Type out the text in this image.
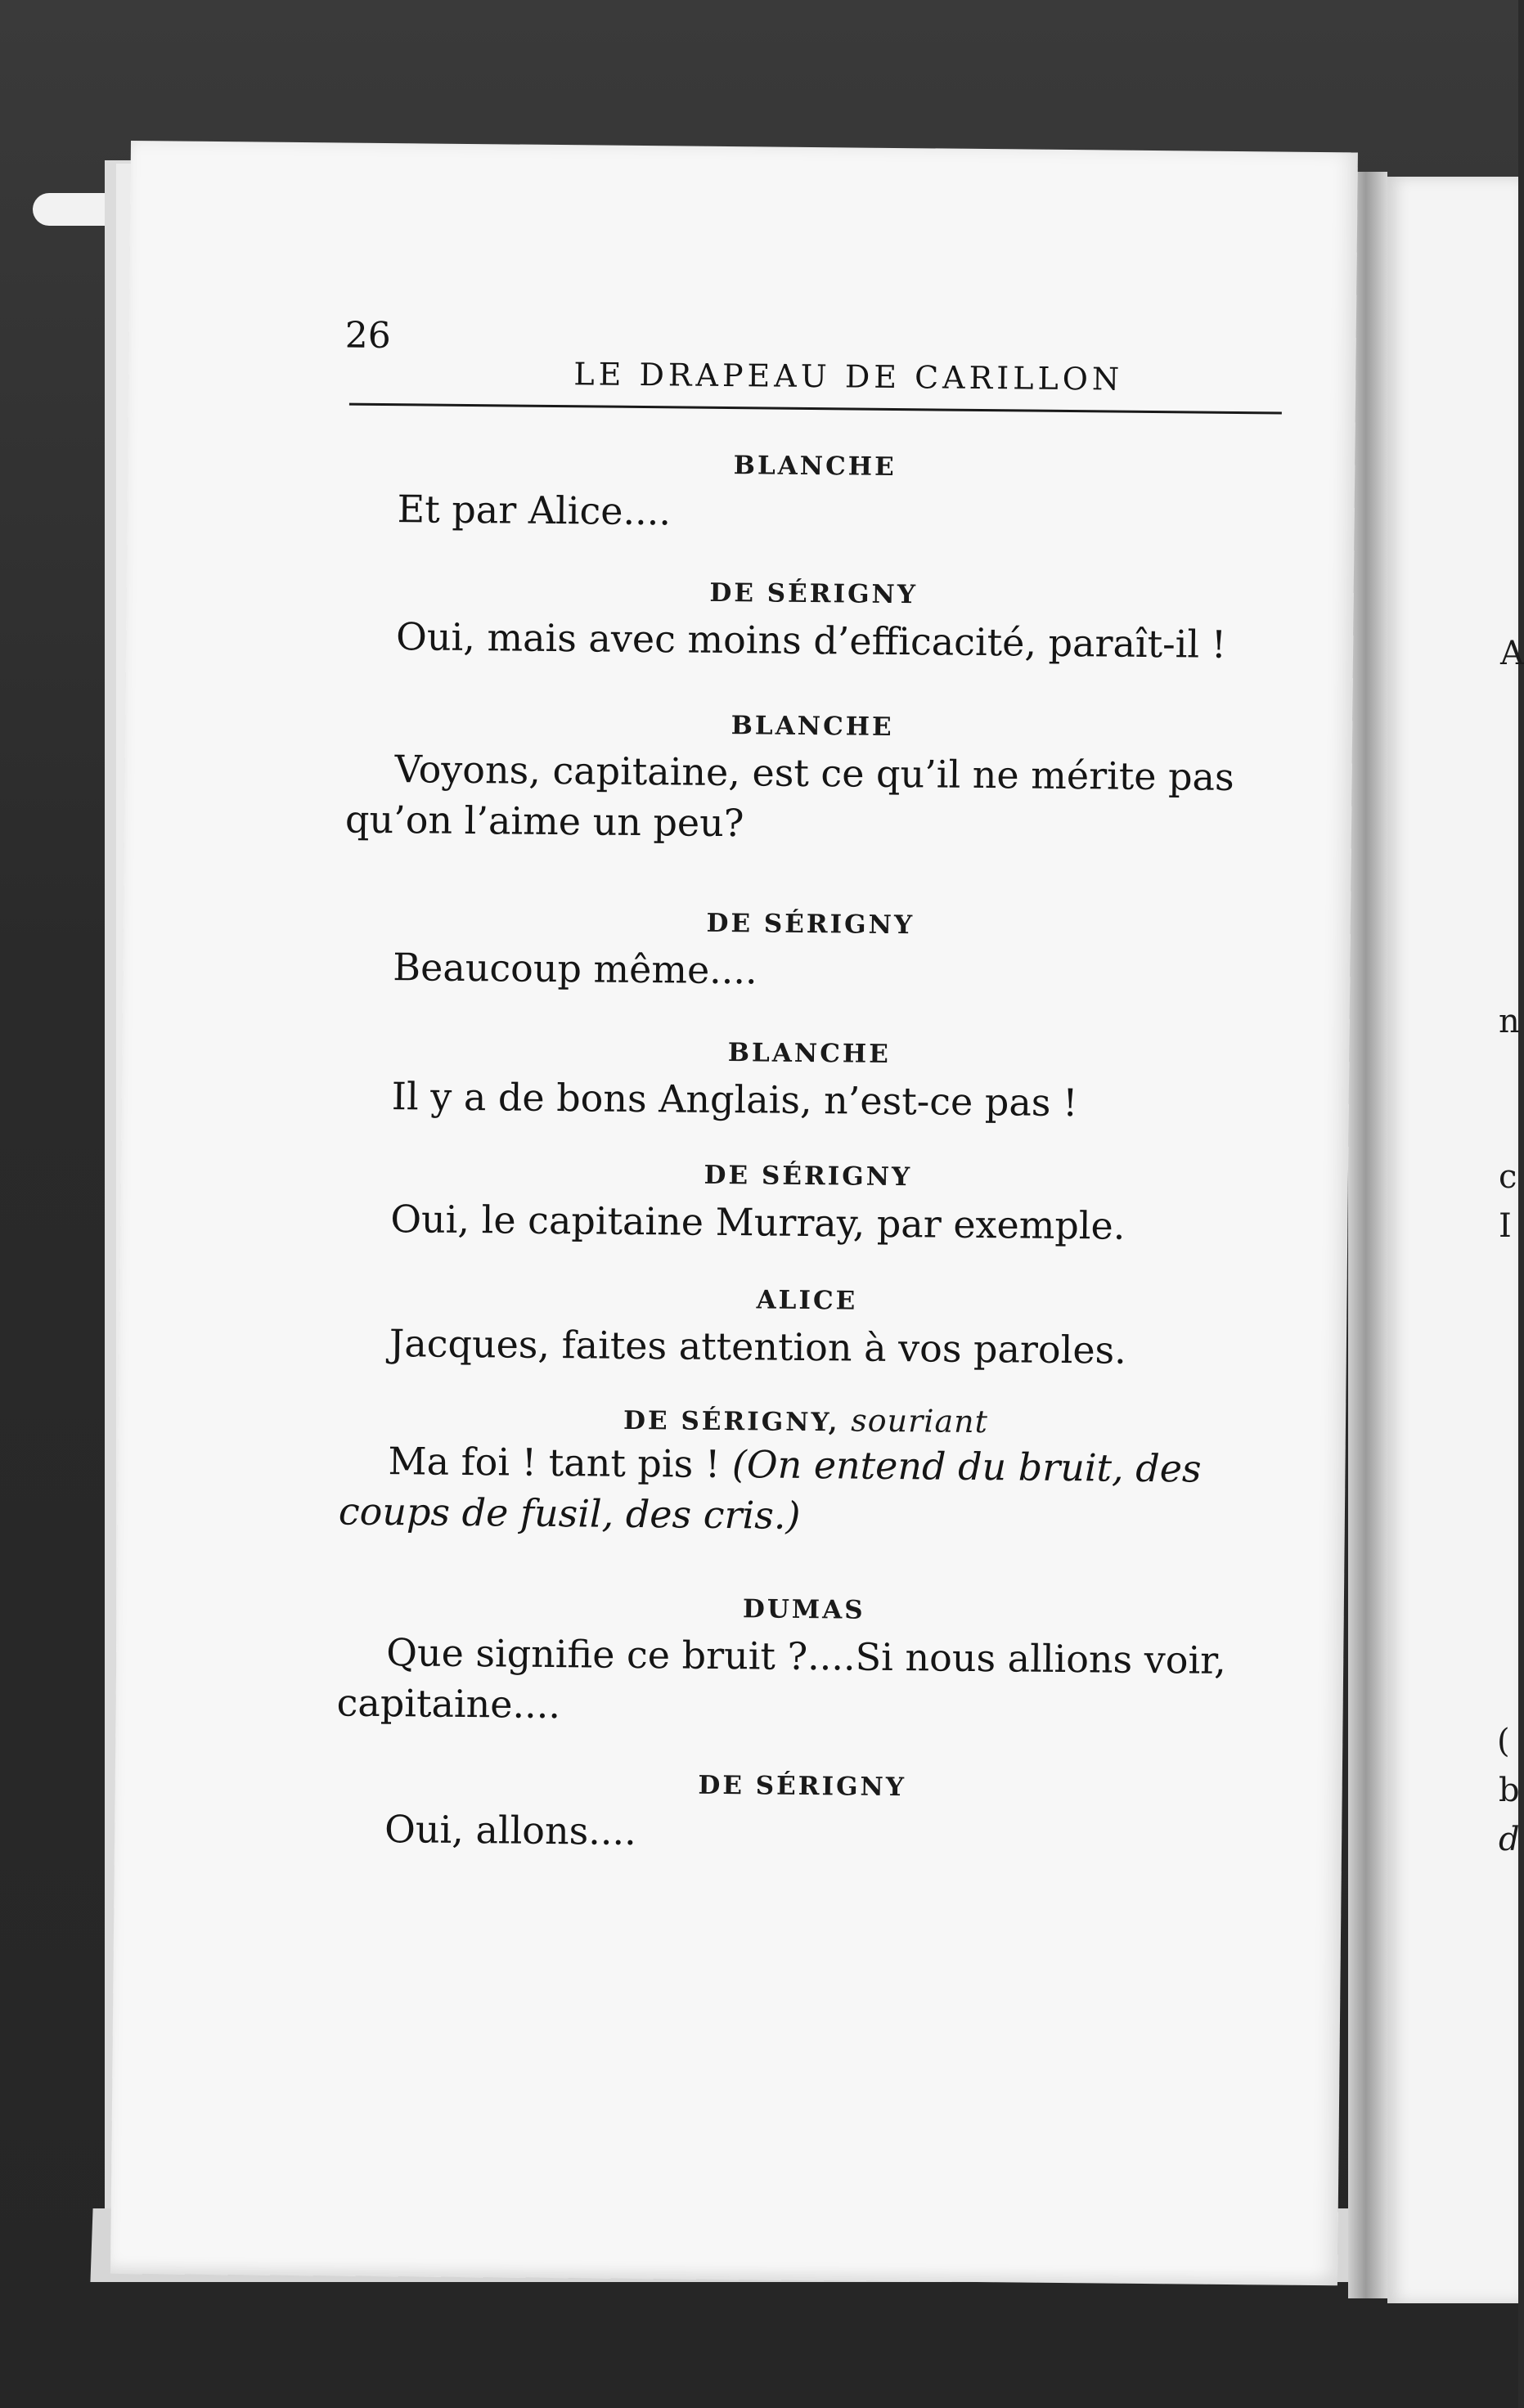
A
n
c
I
(
b
d
26
LE DRAPEAU DE CARILLON
BLANCHE
Et par Alice....
DE SÉRIGNY
Oui, mais avec moins d’efficacité, paraît-il !
BLANCHE
Voyons, capitaine, est ce qu’il ne mérite pas qu’on l’aime un peu?
DE SÉRIGNY
Beaucoup même....
BLANCHE
Il y a de bons Anglais, n’est-ce pas !
DE SÉRIGNY
Oui, le capitaine Murray, par exemple.
ALICE
Jacques, faites attention à vos paroles.
DE SÉRIGNY, souriant
Ma foi ! tant pis ! (On entend du bruit, des coups de fusil, des cris.)
DUMAS
Que signifie ce bruit ?....Si nous allions voir, capitaine....
DE SÉRIGNY
Oui, allons....
